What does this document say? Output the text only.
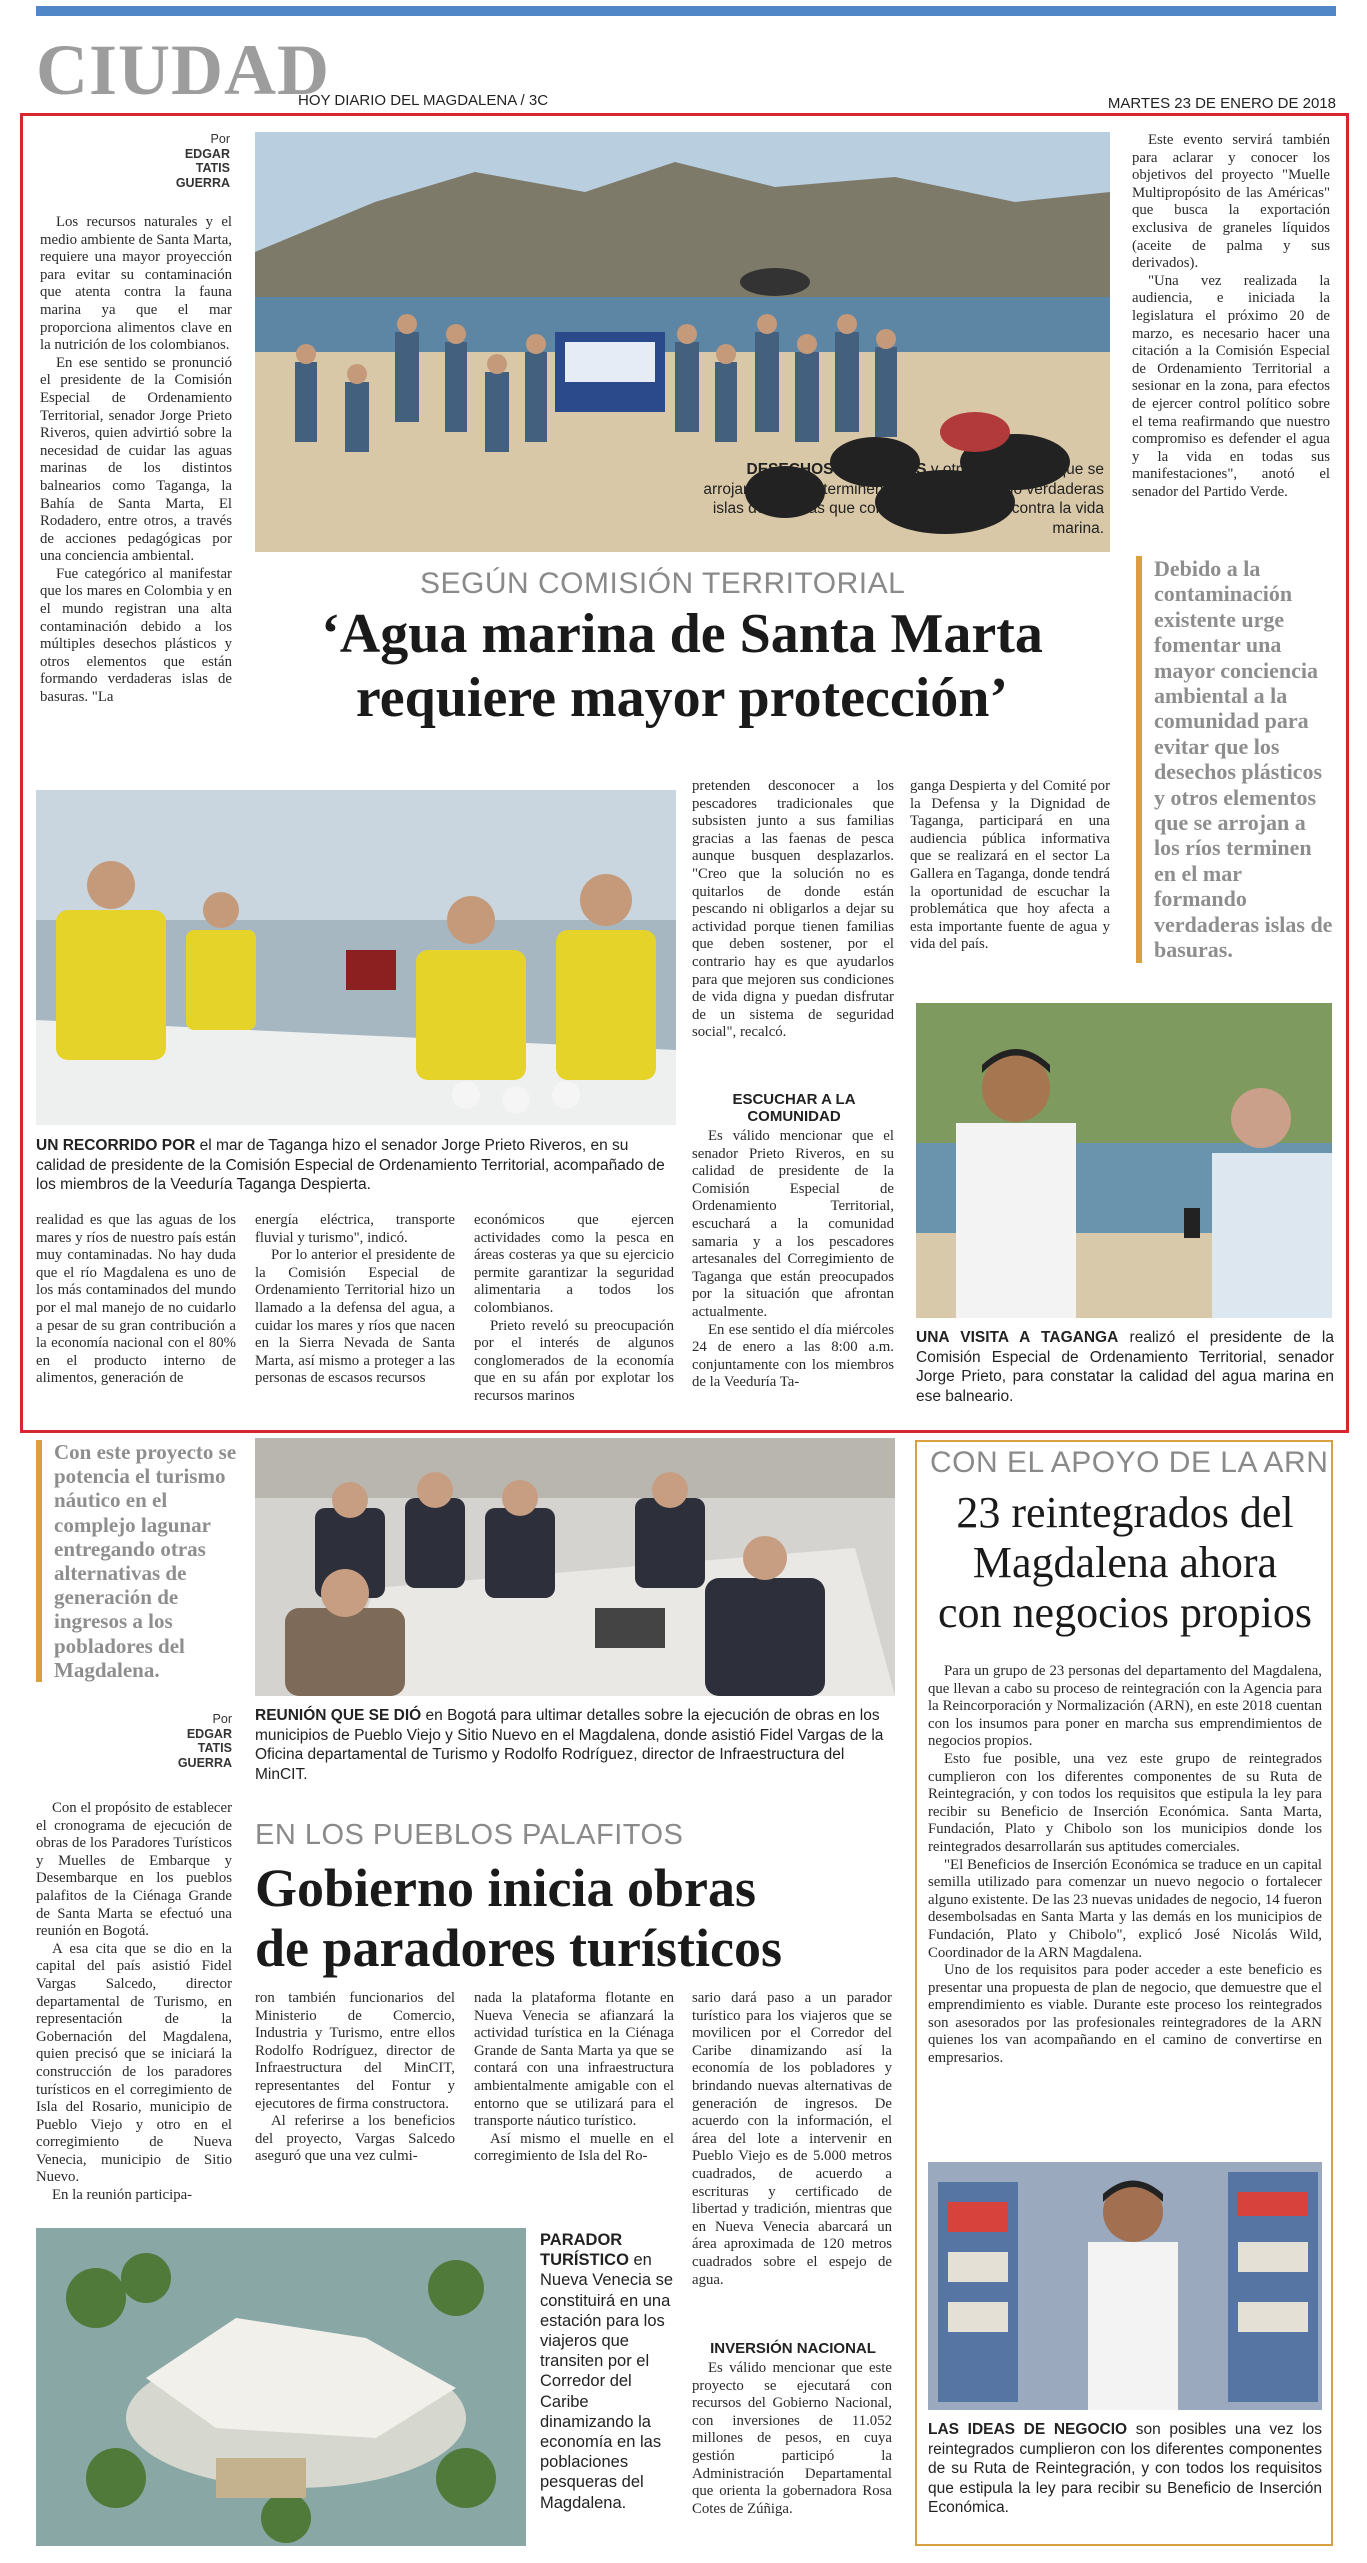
CIUDAD
HOY DIARIO DEL MAGDALENA / 3C	MARTES 23 DE ENERO DE 2018
Por
EDGAR
TATIS
GUERRA

Los recursos naturales y el medio ambiente de Santa Marta, requiere una mayor proyección para evitar su contaminación que atenta contra la fauna marina ya que el mar proporciona alimentos clave en la nutrición de los colombianos.

En ese sentido se pronunció el presidente de la Comisión Especial de Ordenamiento Territorial, senador Jorge Prieto Riveros, quien advirtió sobre la necesidad de cuidar las aguas marinas de los distintos balnearios como Taganga, la Bahía de Santa Marta, El Rodadero, entre otros, a través de acciones pedagógicas por una conciencia ambiental.

Fue categórico al manifestar que los mares en Colombia y en el mundo registran una alta contaminación debido a los múltiples desechos plásticos y otros elementos que están formando verdaderas islas de basuras. "La

DESECHOS PLÁSTICOS y otros elementos que se arrojan a los ríos terminen en el mar formando verdaderas islas de basuras que contaminan y atentan contra la vida marina.

Este evento servirá también para aclarar y conocer los objetivos del proyecto "Muelle Multipropósito de las Américas" que busca la exportación exclusiva de graneles líquidos (aceite de palma y sus derivados).

"Una vez realizada la audiencia, e iniciada la legislatura el próximo 20 de marzo, es necesario hacer una citación a la Comisión Especial de Ordenamiento Territorial a sesionar en la zona, para efectos de ejercer control político sobre el tema reafirmando que nuestro compromiso es defender el agua y la vida en todas sus manifestaciones", anotó el senador del Partido Verde.

Debido a la contaminación existente urge fomentar una mayor conciencia ambiental a la comunidad para evitar que los desechos plásticos y otros elementos que se arrojan a los ríos terminen en el mar formando verdaderas islas de basuras.
SEGÚN COMISIÓN TERRITORIAL
‘Agua marina de Santa Marta
requiere mayor protección’
UN RECORRIDO POR el mar de Taganga hizo el senador Jorge Prieto Riveros, en su calidad de presidente de la Comisión Especial de Ordenamiento Territorial, acompañado de los miembros de la Veeduría Taganga Despierta.

pretenden desconocer a los pescadores tradicionales que subsisten junto a sus familias gracias a las faenas de pesca aunque busquen desplazarlos. "Creo que la solución no es quitarlos de donde están pescando ni obligarlos a dejar su actividad porque tienen familias que deben sostener, por el contrario hay es que ayudarlos para que mejoren sus condiciones de vida digna y puedan disfrutar de un sistema de seguridad social", recalcó.

ESCUCHAR A LA COMUNIDAD

Es válido mencionar que el senador Prieto Riveros, en su calidad de presidente de la Comisión Especial de Ordenamiento Territorial, escuchará a la comunidad samaria y a los pescadores artesanales del Corregimiento de Taganga que están preocupados por la situación que afrontan actualmente.

En ese sentido el día miércoles 24 de enero a las 8:00 a.m. conjuntamente con los miembros de la Veeduría Ta-

ganga Despierta y del Comité por la Defensa y la Dignidad de Taganga, participará en una audiencia pública informativa que se realizará en el sector La Gallera en Taganga, donde tendrá la oportunidad de escuchar la problemática que hoy afecta a esta importante fuente de agua y vida del país.

UNA VISITA A TAGANGA realizó el presidente de la Comisión Especial de Ordenamiento Territorial, senador Jorge Prieto, para constatar la calidad del agua marina en ese balneario.

realidad es que las aguas de los mares y ríos de nuestro país están muy contaminadas. No hay duda que el río Magdalena es uno de los más contaminados del mundo por el mal manejo de no cuidarlo a pesar de su gran contribución a la economía nacional con el 80% en el producto interno de alimentos, generación de

energía eléctrica, transporte fluvial y turismo", indicó.

Por lo anterior el presidente de la Comisión Especial de Ordenamiento Territorial hizo un llamado a la defensa del agua, a cuidar los mares y ríos que nacen en la Sierra Nevada de Santa Marta, así mismo a proteger a las personas de escasos recursos

económicos que ejercen actividades como la pesca en áreas costeras ya que su ejercicio permite garantizar la seguridad alimentaria a todos los colombianos.

Prieto reveló su preocupación por el interés de algunos conglomerados de la economía que en su afán por explotar los recursos marinos

Con este proyecto se potencia el turismo náutico en el complejo lagunar entregando otras alternativas de generación de ingresos a los pobladores del Magdalena.
Por
EDGAR
TATIS
GUERRA

Con el propósito de establecer el cronograma de ejecución de obras de los Paradores Turísticos y Muelles de Embarque y Desembarque en los pueblos palafitos de la Ciénaga Grande de Santa Marta se efectuó una reunión en Bogotá.

A esa cita que se dio en la capital del país asistió Fidel Vargas Salcedo, director departamental de Turismo, en representación de la Gobernación del Magdalena, quien precisó que se iniciará la construcción de los paradores turísticos en el corregimiento de Isla del Rosario, municipio de Pueblo Viejo y otro en el corregimiento de Nueva Venecia, municipio de Sitio Nuevo.

En la reunión participa-

REUNIÓN QUE SE DIÓ en Bogotá para ultimar detalles sobre la ejecución de obras en los municipios de Pueblo Viejo y Sitio Nuevo en el Magdalena, donde asistió Fidel Vargas de la Oficina departamental de Turismo y Rodolfo Rodríguez, director de Infraestructura del MinCIT.
EN LOS PUEBLOS PALAFITOS
Gobierno inicia obras
de paradores turísticos

ron también funcionarios del Ministerio de Comercio, Industria y Turismo, entre ellos Rodolfo Rodríguez, director de Infraestructura del MinCIT, representantes del Fontur y ejecutores de firma constructora.

Al referirse a los beneficios del proyecto, Vargas Salcedo aseguró que una vez culmi-

nada la plataforma flotante en Nueva Venecia se afianzará la actividad turística en la Ciénaga Grande de Santa Marta ya que se contará con una infraestructura ambientalmente amigable con el entorno que se utilizará para el transporte náutico turístico.

Así mismo el muelle en el corregimiento de Isla del Ro-

sario dará paso a un parador turístico para los viajeros que se movilicen por el Corredor del Caribe dinamizando así la economía de los pobladores y brindando nuevas alternativas de generación de ingresos. De acuerdo con la información, el área del lote a intervenir en Pueblo Viejo es de 5.000 metros cuadrados, de acuerdo a escrituras y certificado de libertad y tradición, mientras que en Nueva Venecia abarcará un área aproximada de 120 metros cuadrados sobre el espejo de agua.

PARADOR TURÍSTICO en Nueva Venecia se constituirá en una estación para los viajeros que transiten por el Corredor del Caribe dinamizando la economía en las poblaciones pesqueras del Magdalena.
INVERSIÓN NACIONAL

Es válido mencionar que este proyecto se ejecutará con recursos del Gobierno Nacional, con inversiones de 11.052 millones de pesos, en cuya gestión participó la Administración Departamental que orienta la gobernadora Rosa Cotes de Zúñiga.

CON EL APOYO DE LA ARN
23 reintegrados del
Magdalena ahora
con negocios propios

Para un grupo de 23 personas del departamento del Magdalena, que llevan a cabo su proceso de reintegración con la Agencia para la Reincorporación y Normalización (ARN), en este 2018 cuentan con los insumos para poner en marcha sus emprendimientos de negocios propios.

Esto fue posible, una vez este grupo de reintegrados cumplieron con los diferentes componentes de su Ruta de Reintegración, y con todos los requisitos que estipula la ley para recibir su Beneficio de Inserción Económica. Santa Marta, Fundación, Plato y Chibolo son los municipios donde los reintegrados desarrollarán sus aptitudes comerciales.

"El Beneficios de Inserción Económica se traduce en un capital semilla utilizado para comenzar un nuevo negocio o fortalecer alguno existente. De las 23 nuevas unidades de negocio, 14 fueron desembolsadas en Santa Marta y las demás en los municipios de Fundación, Plato y Chibolo", explicó José Nicolás Wild, Coordinador de la ARN Magdalena.

Uno de los requisitos para poder acceder a este beneficio es presentar una propuesta de plan de negocio, que demuestre que el emprendimiento es viable. Durante este proceso los reintegrados son asesorados por las profesionales reintegradores de la ARN quienes los van acompañando en el camino de convertirse en empresarios.

LAS IDEAS DE NEGOCIO son posibles una vez los reintegrados cumplieron con los diferentes componentes de su Ruta de Reintegración, y con todos los requisitos que estipula la ley para recibir su Beneficio de Inserción Económica.
